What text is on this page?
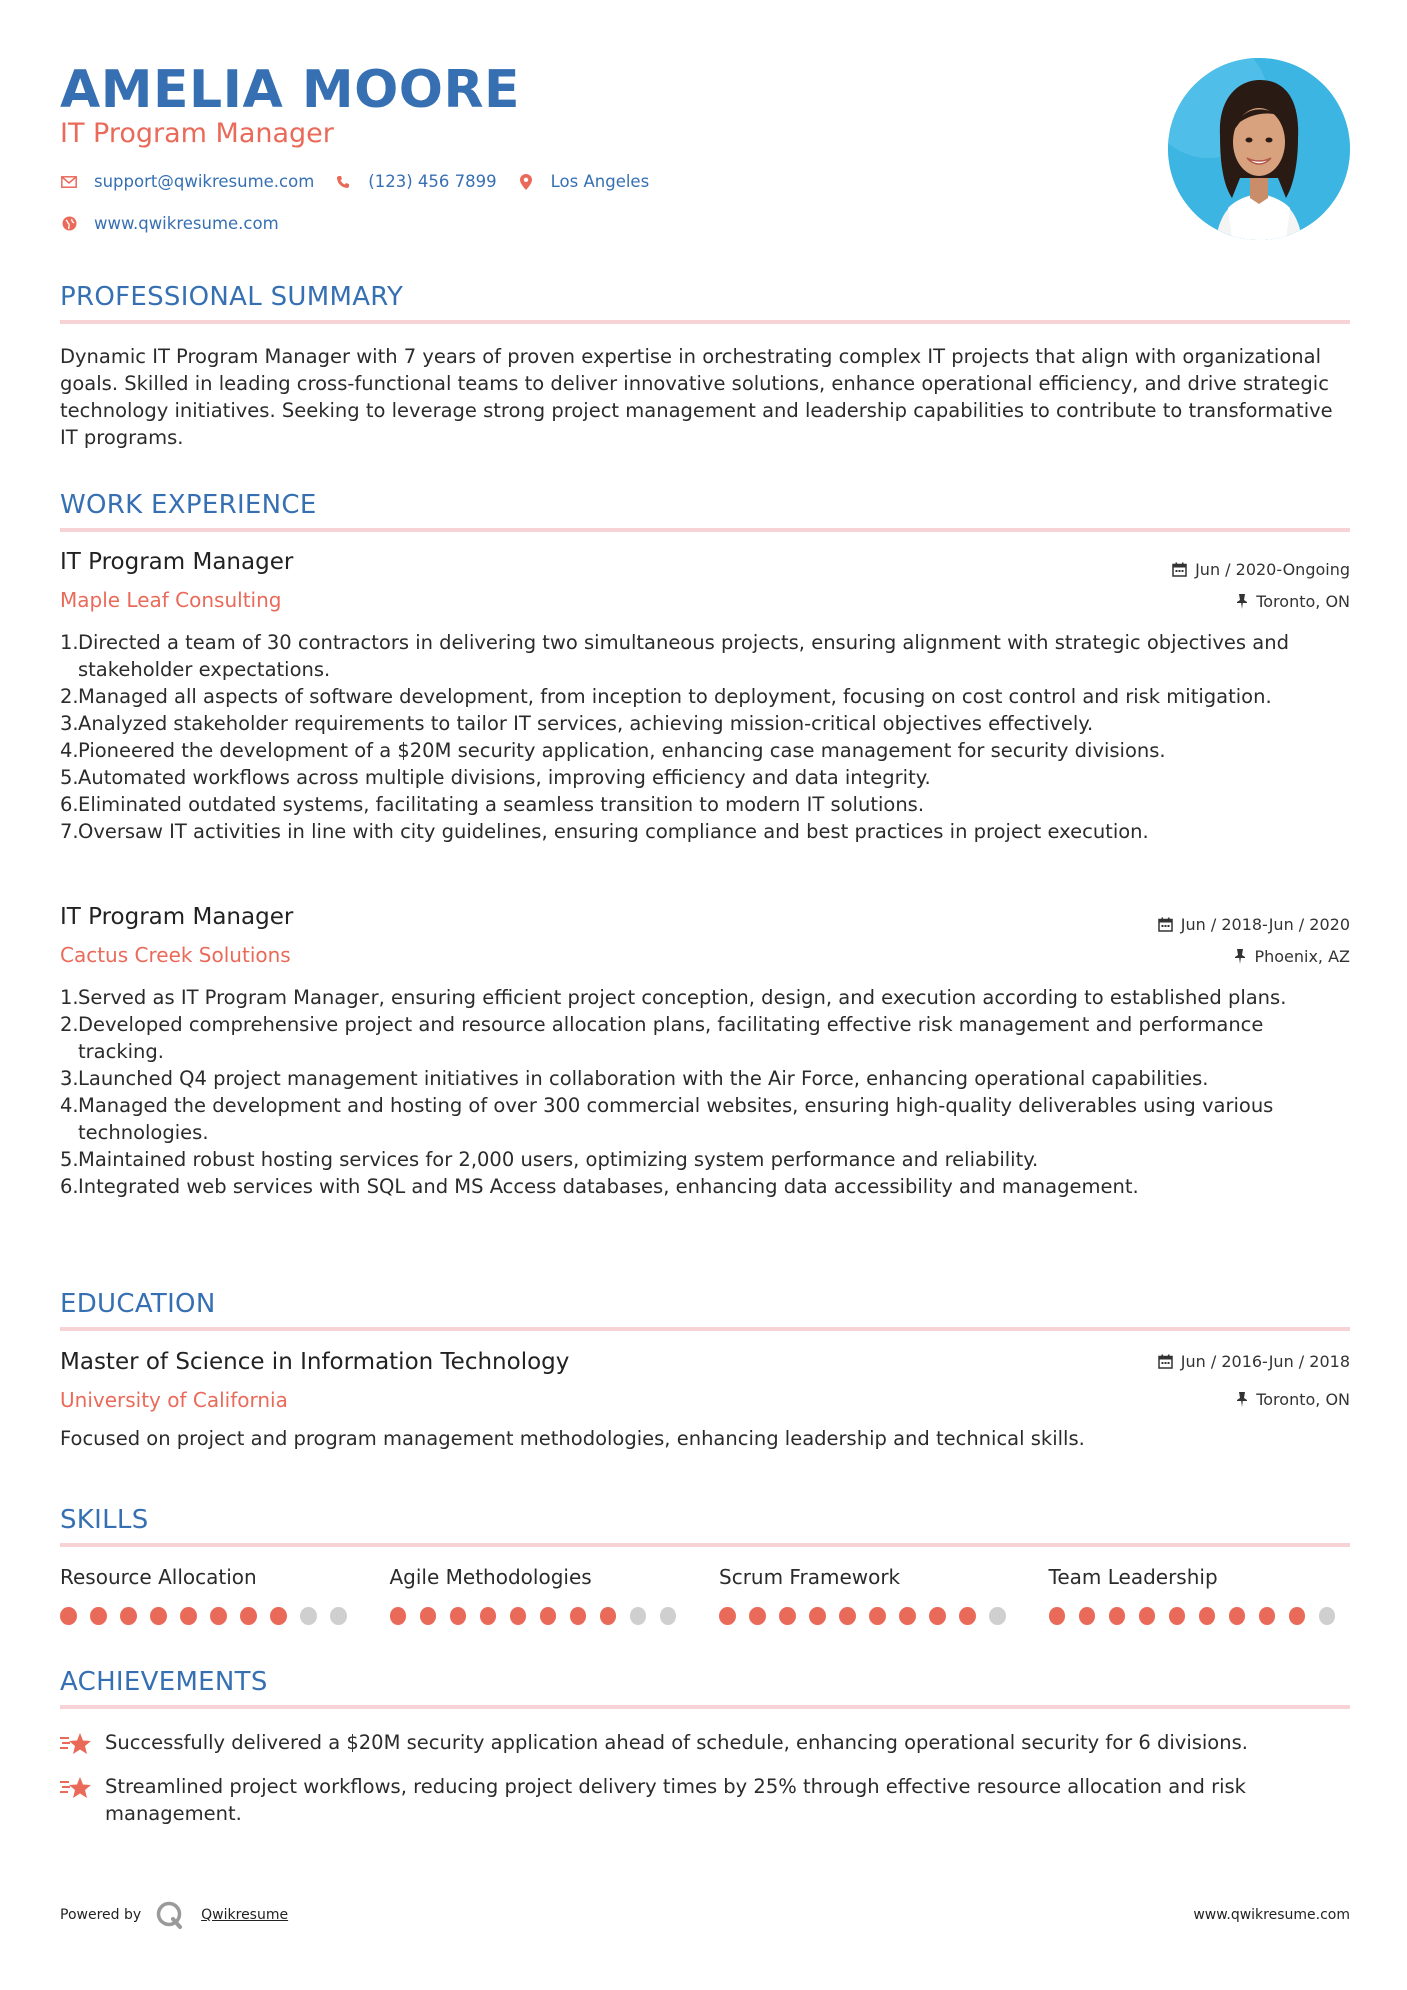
AMELIA MOORE
IT Program Manager
support@qwikresume.com	(123) 456 7899	Los Angeles
www.qwikresume.com
PROFESSIONAL SUMMARY
Dynamic IT Program Manager with 7 years of proven expertise in orchestrating complex IT projects that align with organizational goals. Skilled in leading cross-functional teams to deliver innovative solutions, enhance operational efficiency, and drive strategic technology initiatives. Seeking to leverage strong project management and leadership capabilities to contribute to transformative IT programs.
WORK EXPERIENCE
IT Program Manager
Maple Leaf Consulting
Jun / 2020-Ongoing
Toronto, ON
1. Directed a team of 30 contractors in delivering two simultaneous projects, ensuring alignment with strategic objectives and stakeholder expectations.
2. Managed all aspects of software development, from inception to deployment, focusing on cost control and risk mitigation.
3. Analyzed stakeholder requirements to tailor IT services, achieving mission-critical objectives effectively.
4. Pioneered the development of a $20M security application, enhancing case management for security divisions.
5. Automated workflows across multiple divisions, improving efficiency and data integrity.
6. Eliminated outdated systems, facilitating a seamless transition to modern IT solutions.
7. Oversaw IT activities in line with city guidelines, ensuring compliance and best practices in project execution.
IT Program Manager
Cactus Creek Solutions
Jun / 2018-Jun / 2020
Phoenix, AZ
1. Served as IT Program Manager, ensuring efficient project conception, design, and execution according to established plans.
2. Developed comprehensive project and resource allocation plans, facilitating effective risk management and performance tracking.
3. Launched Q4 project management initiatives in collaboration with the Air Force, enhancing operational capabilities.
4. Managed the development and hosting of over 300 commercial websites, ensuring high-quality deliverables using various technologies.
5. Maintained robust hosting services for 2,000 users, optimizing system performance and reliability.
6. Integrated web services with SQL and MS Access databases, enhancing data accessibility and management.
EDUCATION
Master of Science in Information Technology
University of California
Jun / 2016-Jun / 2018
Toronto, ON
Focused on project and program management methodologies, enhancing leadership and technical skills.
SKILLS
Resource Allocation	Agile Methodologies	Scrum Framework	Team Leadership
ACHIEVEMENTS
Successfully delivered a $20M security application ahead of schedule, enhancing operational security for 6 divisions.
Streamlined project workflows, reducing project delivery times by 25% through effective resource allocation and risk management.
Powered by	Qwikresume	www.qwikresume.com
